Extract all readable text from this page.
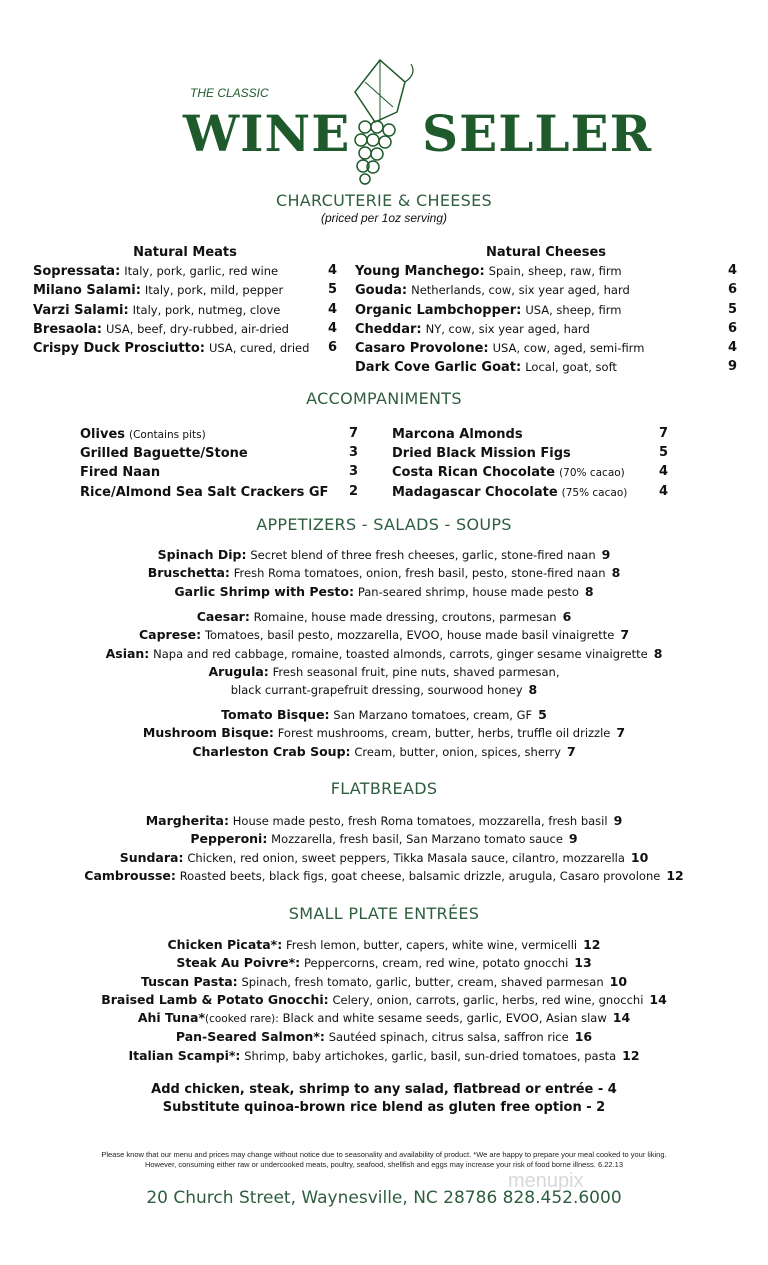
THE CLASSIC
WINE SELLER
CHARCUTERIE & CHEESES
(priced per 1oz serving)
Natural Meats
Sopressata: Italy, pork, garlic, red wine	4
Milano Salami: Italy, pork, mild, pepper	5
Varzi Salami: Italy, pork, nutmeg, clove	4
Bresaola: USA, beef, dry-rubbed, air-dried	4
Crispy Duck Prosciutto: USA, cured, dried 6
Natural Cheeses
Young Manchego: Spain, sheep, raw, firm	4
Gouda: Netherlands, cow, six year aged, hard	6
Organic Lambchopper: USA, sheep, firm	5
Cheddar: NY, cow, six year aged, hard	6
Casaro Provolone: USA, cow, aged, semi-firm	4
Dark Cove Garlic Goat: Local, goat, soft	9
ACCOMPANIMENTS
Olives (Contains pits)	7
Grilled Baguette/Stone	3
Fired Naan	3
Rice/Almond Sea Salt Crackers GF 2
Marcona Almonds	7
Dried Black Mission Figs	5
Costa Rican Chocolate (70% cacao)	4
Madagascar Chocolate (75% cacao) 4
APPETIZERS - SALADS - SOUPS
Spinach Dip: Secret blend of three fresh cheeses, garlic, stone-fired naan 9
Bruschetta: Fresh Roma tomatoes, onion, fresh basil, pesto, stone-fired naan 8
Garlic Shrimp with Pesto: Pan-seared shrimp, house made pesto 8
Caesar: Romaine, house made dressing, croutons, parmesan 6
Caprese: Tomatoes, basil pesto, mozzarella, EVOO, house made basil vinaigrette 7
Asian: Napa and red cabbage, romaine, toasted almonds, carrots, ginger sesame vinaigrette 8
Arugula: Fresh seasonal fruit, pine nuts, shaved parmesan,
black currant-grapefruit dressing, sourwood honey 8
Tomato Bisque: San Marzano tomatoes, cream, GF 5
Mushroom Bisque: Forest mushrooms, cream, butter, herbs, truffle oil drizzle 7
Charleston Crab Soup: Cream, butter, onion, spices, sherry 7
FLATBREADS
Margherita: House made pesto, fresh Roma tomatoes, mozzarella, fresh basil 9
Pepperoni: Mozzarella, fresh basil, San Marzano tomato sauce 9
Sundara: Chicken, red onion, sweet peppers, Tikka Masala sauce, cilantro, mozzarella 10
Cambrousse: Roasted beets, black figs, goat cheese, balsamic drizzle, arugula, Casaro provolone 12
SMALL PLATE ENTRÉES
Chicken Picata*: Fresh lemon, butter, capers, white wine, vermicelli 12
Steak Au Poivre*: Peppercorns, cream, red wine, potato gnocchi 13
Tuscan Pasta: Spinach, fresh tomato, garlic, butter, cream, shaved parmesan 10
Braised Lamb & Potato Gnocchi: Celery, onion, carrots, garlic, herbs, red wine, gnocchi 14
Ahi Tuna*(cooked rare): Black and white sesame seeds, garlic, EVOO, Asian slaw 14
Pan-Seared Salmon*: Sautéed spinach, citrus salsa, saffron rice 16
Italian Scampi*: Shrimp, baby artichokes, garlic, basil, sun-dried tomatoes, pasta 12
Add chicken, steak, shrimp to any salad, flatbread or entrée - 4
Substitute quinoa-brown rice blend as gluten free option - 2
Please know that our menu and prices may change without notice due to seasonality and availability of product. *We are happy to prepare your meal cooked to your liking.
However, consuming either raw or undercooked meats, poultry, seafood, shellfish and eggs may increase your risk of food borne illness. 6.22.13
menupix
20 Church Street, Waynesville, NC 28786 828.452.6000
